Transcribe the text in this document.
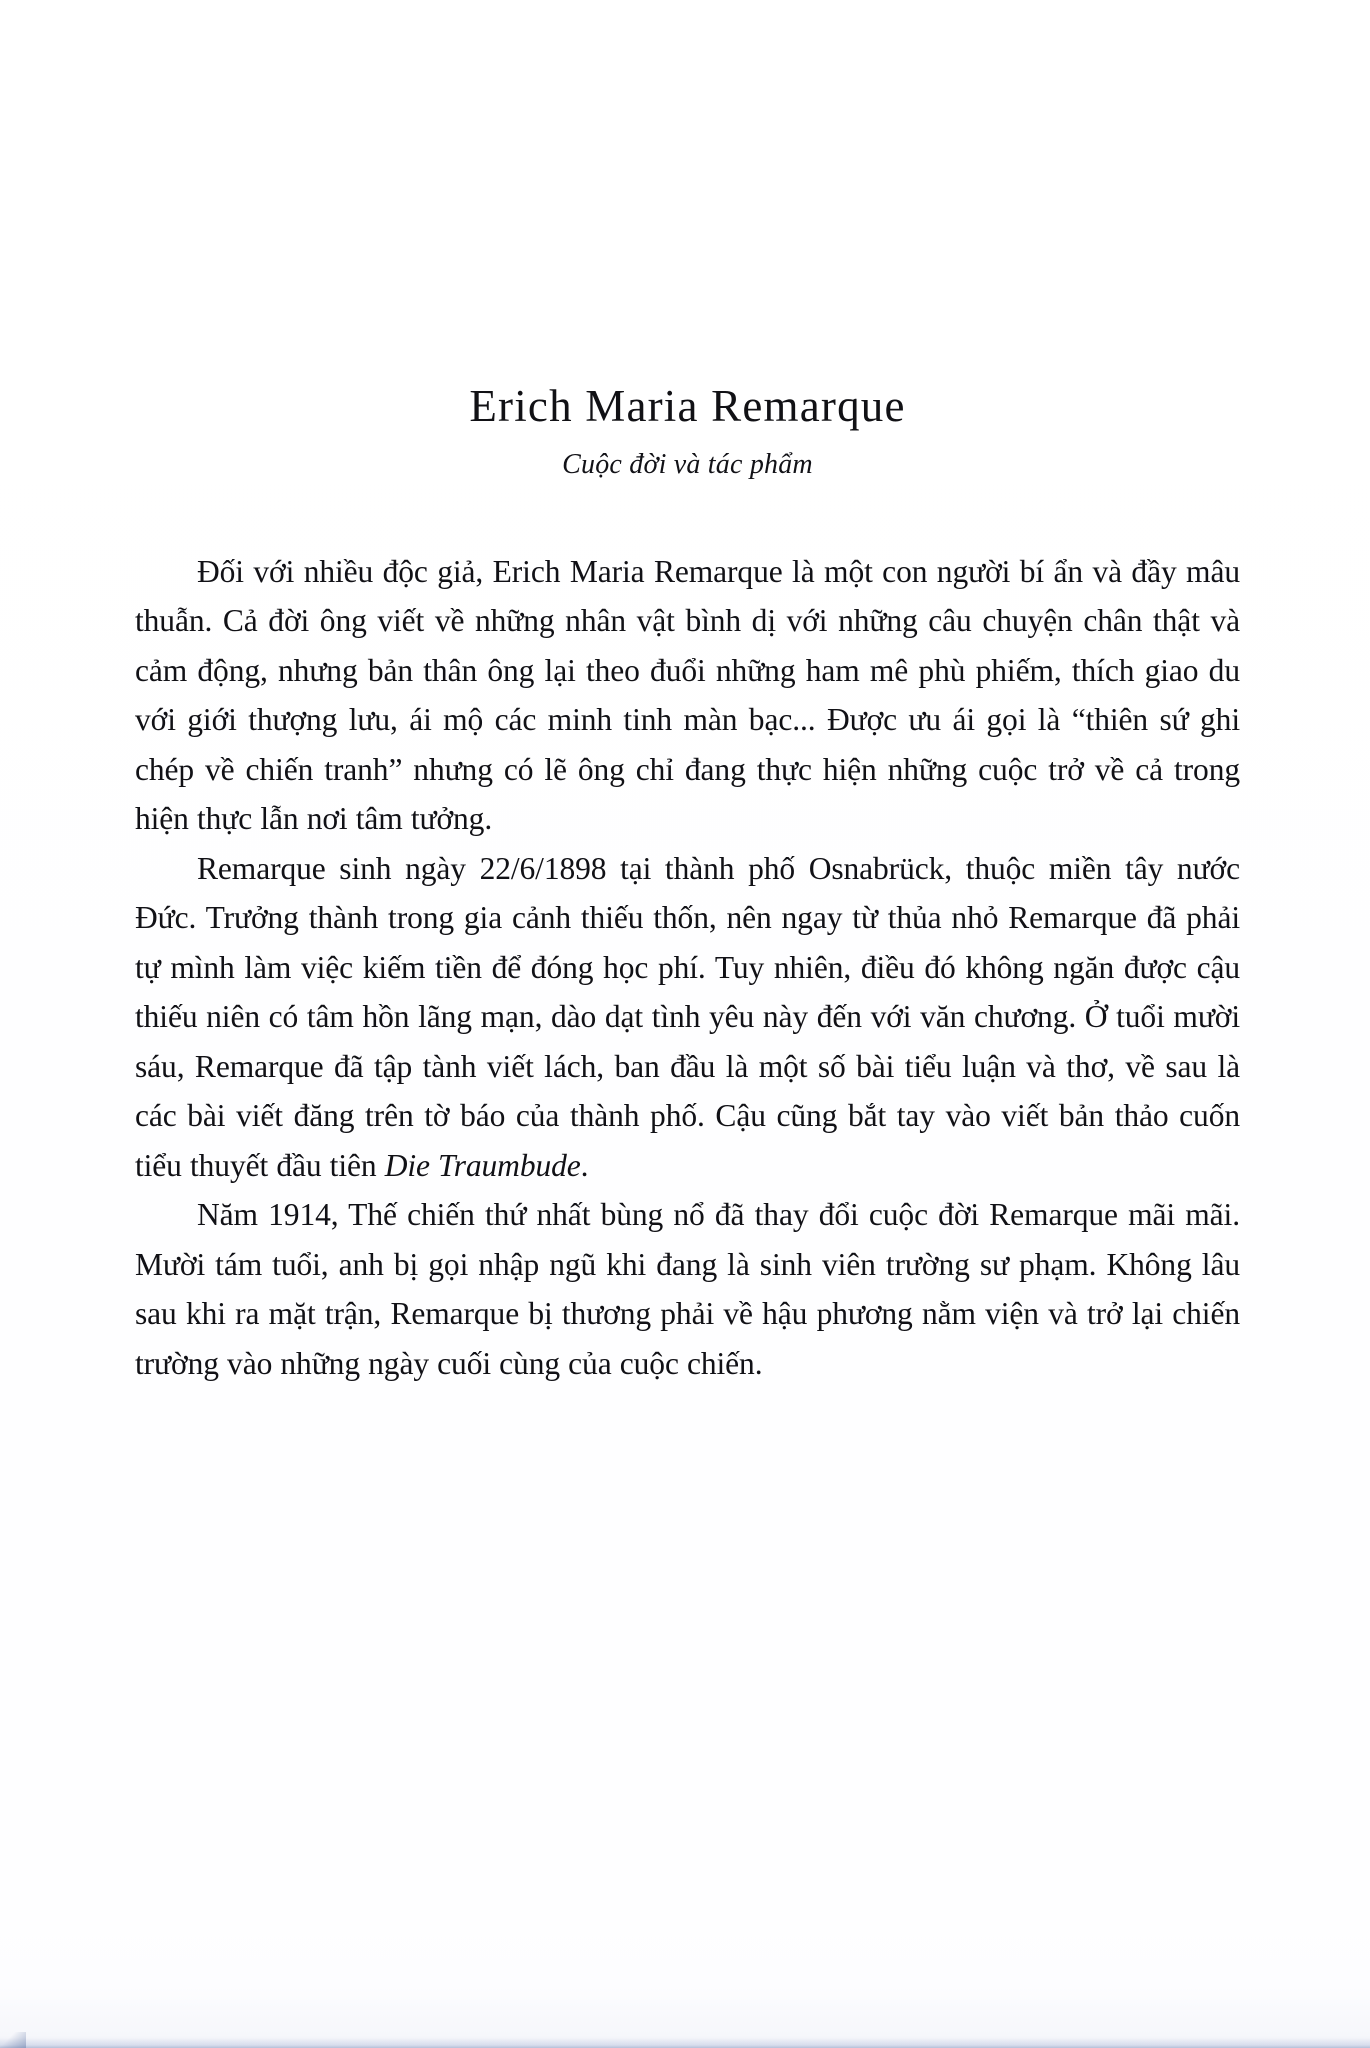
Erich Maria Remarque
Cuộc đời và tác phẩm

Đối với nhiều độc giả, Erich Maria Remarque là một con người bí ẩn và đầy mâu thuẫn. Cả đời ông viết về những nhân vật bình dị với những câu chuyện chân thật và cảm động, nhưng bản thân ông lại theo đuổi những ham mê phù phiếm, thích giao du với giới thượng lưu, ái mộ các minh tinh màn bạc... Được ưu ái gọi là “thiên sứ ghi chép về chiến tranh” nhưng có lẽ ông chỉ đang thực hiện những cuộc trở về cả trong hiện thực lẫn nơi tâm tưởng.

Remarque sinh ngày 22/6/1898 tại thành phố Osnabrück, thuộc miền tây nước Đức. Trưởng thành trong gia cảnh thiếu thốn, nên ngay từ thủa nhỏ Remarque đã phải tự mình làm việc kiếm tiền để đóng học phí. Tuy nhiên, điều đó không ngăn được cậu thiếu niên có tâm hồn lãng mạn, dào dạt tình yêu này đến với văn chương. Ở tuổi mười sáu, Remarque đã tập tành viết lách, ban đầu là một số bài tiểu luận và thơ, về sau là các bài viết đăng trên tờ báo của thành phố. Cậu cũng bắt tay vào viết bản thảo cuốn tiểu thuyết đầu tiên Die Traumbude.

Năm 1914, Thế chiến thứ nhất bùng nổ đã thay đổi cuộc đời Remarque mãi mãi. Mười tám tuổi, anh bị gọi nhập ngũ khi đang là sinh viên trường sư phạm. Không lâu sau khi ra mặt trận, Remarque bị thương phải về hậu phương nằm viện và trở lại chiến trường vào những ngày cuối cùng của cuộc chiến.
